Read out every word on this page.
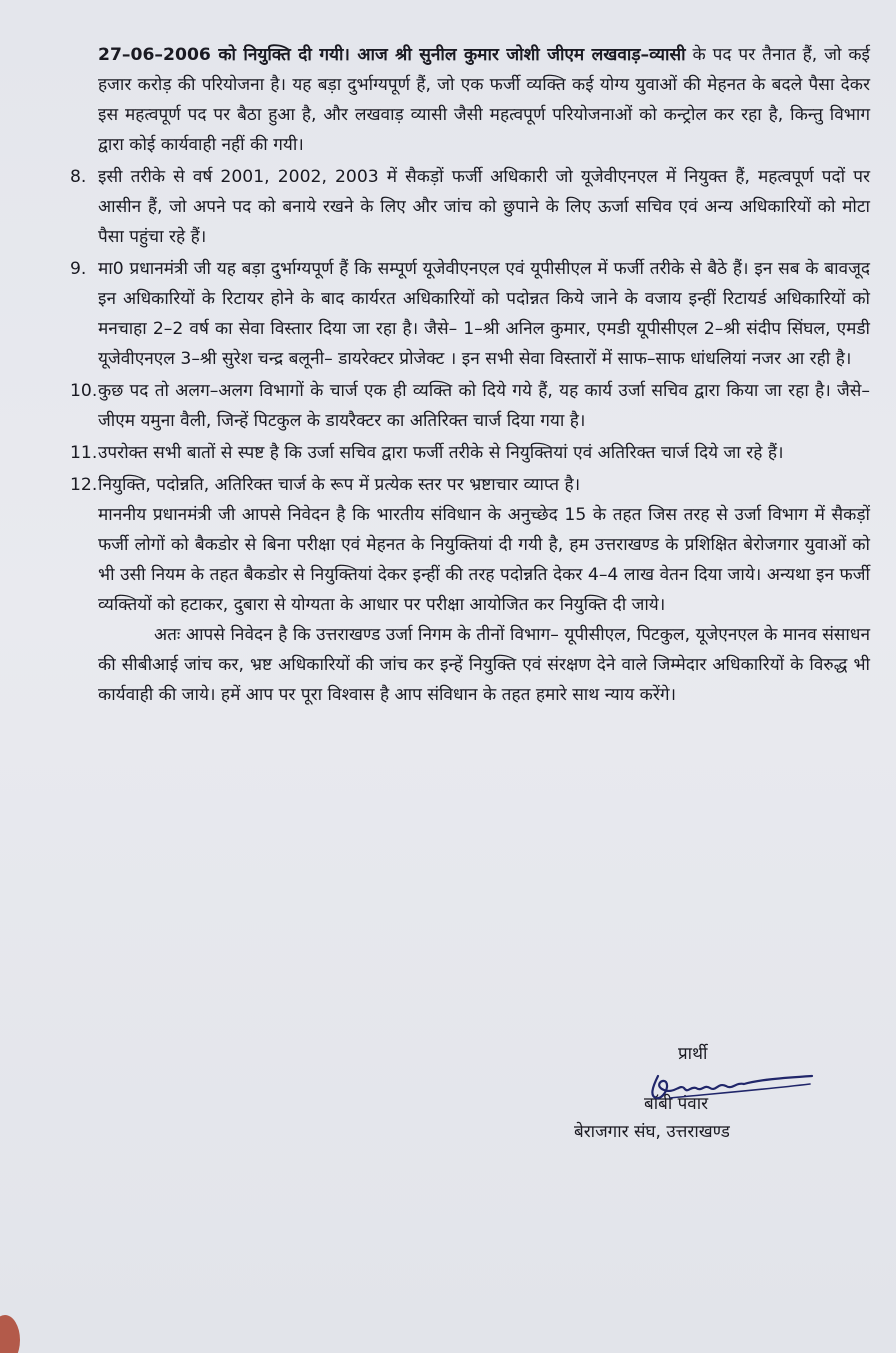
27–06–2006 को नियुक्ति दी गयी। आज श्री सुनील कुमार जोशी जीएम लखवाड़–व्यासी के पद पर तैनात हैं, जो कई हजार करोड़ की परियोजना है। यह बड़ा दुर्भाग्यपूर्ण हैं, जो एक फर्जी व्यक्ति कई योग्य युवाओं की मेहनत के बदले पैसा देकर इस महत्वपूर्ण पद पर बैठा हुआ है, और लखवाड़ व्यासी जैसी महत्वपूर्ण परियोजनाओं को कन्ट्रोल कर रहा है, किन्तु विभाग द्वारा कोई कार्यवाही नहीं की गयी।

8. इसी तरीके से वर्ष 2001, 2002, 2003 में सैकड़ों फर्जी अधिकारी जो यूजेवीएनएल में नियुक्त हैं, महत्वपूर्ण पदों पर आसीन हैं, जो अपने पद को बनाये रखने के लिए और जांच को छुपाने के लिए ऊर्जा सचिव एवं अन्य अधिकारियों को मोटा पैसा पहुंचा रहे हैं।
9. मा0 प्रधानमंत्री जी यह बड़ा दुर्भाग्यपूर्ण हैं कि सम्पूर्ण यूजेवीएनएल एवं यूपीसीएल में फर्जी तरीके से बैठे हैं। इन सब के बावजूद इन अधिकारियों के रिटायर होने के बाद कार्यरत अधिकारियों को पदोन्नत किये जाने के वजाय इन्हीं रिटायर्ड अधिकारियों को मनचाहा 2–2 वर्ष का सेवा विस्तार दिया जा रहा है। जैसे– 1–श्री अनिल कुमार, एमडी यूपीसीएल 2–श्री संदीप सिंघल, एमडी यूजेवीएनएल 3–श्री सुरेश चन्द्र बलूनी– डायरेक्टर प्रोजेक्ट । इन सभी सेवा विस्तारों में साफ–साफ धांधलियां नजर आ रही है।
10. कुछ पद तो अलग–अलग विभागों के चार्ज एक ही व्यक्ति को दिये गये हैं, यह कार्य उर्जा सचिव द्वारा किया जा रहा है। जैसे–जीएम यमुना वैली, जिन्हें पिटकुल के डायरैक्टर का अतिरिक्त चार्ज दिया गया है।
11. उपरोक्त सभी बातों से स्पष्ट है कि उर्जा सचिव द्वारा फर्जी तरीके से नियुक्तियां एवं अतिरिक्त चार्ज दिये जा रहे हैं।
12. नियुक्ति, पदोन्नति, अतिरिक्त चार्ज के रूप में प्रत्येक स्तर पर भ्रष्टाचार व्याप्त है।

माननीय प्रधानमंत्री जी आपसे निवेदन है कि भारतीय संविधान के अनुच्छेद 15 के तहत जिस तरह से उर्जा विभाग में सैकड़ों फर्जी लोगों को बैकडोर से बिना परीक्षा एवं मेहनत के नियुक्तियां दी गयी है, हम उत्तराखण्ड के प्रशिक्षित बेरोजगार युवाओं को भी उसी नियम के तहत बैकडोर से नियुक्तियां देकर इन्हीं की तरह पदोन्नति देकर 4–4 लाख वेतन दिया जाये। अन्यथा इन फर्जी व्यक्तियों को हटाकर, दुबारा से योग्यता के आधार पर परीक्षा आयोजित कर नियुक्ति दी जाये।

अतः आपसे निवेदन है कि उत्तराखण्ड उर्जा निगम के तीनों विभाग– यूपीसीएल, पिटकुल, यूजेएनएल के मानव संसाधन की सीबीआई जांच कर, भ्रष्ट अधिकारियों की जांच कर इन्हें नियुक्ति एवं संरक्षण देने वाले जिम्मेदार अधिकारियों के विरुद्ध भी कार्यवाही की जाये। हमें आप पर पूरा विश्वास है आप संविधान के तहत हमारे साथ न्याय करेंगे।

प्रार्थी
बॉबी पंवार
बेराजगार संघ, उत्तराखण्ड
